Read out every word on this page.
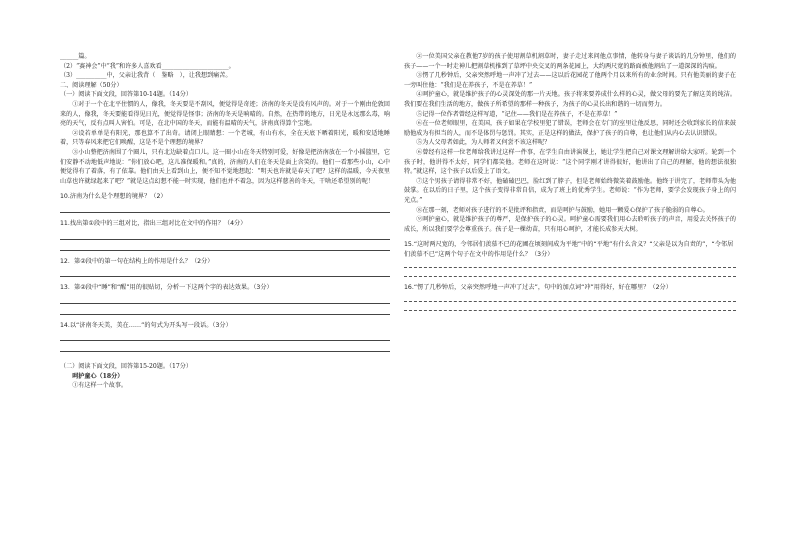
______篇。

（2）“赛神会”中“我”和许多人喜欢看______________________。

（3）__________中，父亲让我背（　鉴略　），让我想到痛苦。

二、阅读理解（50分）

（一）阅读下面文段，回答第10-14题。（14分）

①对于一个在北平住惯的人，像我，冬天要是不刮风，便觉得是奇迹；济南的冬天是没有风声的。对于一个刚由伦敦回来的人，像我，冬天要能看得见日光，便觉得是怪事；济南的冬天是响晴的。自然，在热带的地方，日光是永远那么毒，响亮的天气，反有点叫人害怕。可是，在北中国的冬天，而能有温晴的天气，济南真得算个宝地。

②设若单单是有阳光，那也算不了出奇。请闭上眼睛想：一个老城，有山有水，全在天底下晒着阳光，暖和安适地睡着，只等春风来把它们唤醒，这是不是个理想的境界？

③小山整把济南围了个圈儿，只有北边缺着点口儿。这一圈小山在冬天特别可爱，好像是把济南放在一个小摇篮里，它们安静不动地低声地说：“你们放心吧，这儿准保暖和。”真的，济南的人们在冬天是面上含笑的。他们一看那些小山，心中便觉得有了着落，有了依靠。他们由天上看到山上，便不知不觉地想起：“明天也许就是春天了吧？这样的温暖，今天夜里山草也许就绿起来了吧？”就是这点幻想不能一时实现，他们也并不着急，因为这样慈善的冬天，干啥还希望别的呢！

10.济南为什么是个理想的境界？（2）
11.找出第①段中的三组对比，指出三组对比在文中的作用？（4分）
12．第②段中的第一句在结构上的作用是什么？（2分）
13．第②段中“睡”和“醒”用的很贴切，分析一下这两个字的表达效果。（3分）
14.以“济南冬天美，美在……”的句式为开头写一段话。（3分）

（二）阅读下面文段，回答第15-20题。（17分）

呵护童心（18分）

①有这样一个故事。

②一位美国父亲在教他7岁的孩子使用割草机割草时，妻子走过来问他点事情，他转身与妻子谈话的几分钟里，他们的孩子——一个一时走神儿把割草机推到了草坪中央交叉的两条花园上，大约两尺宽的路面被他割出了一道深深的沟痕。

③愣了几秒钟后，父亲突然呼地一声冲了过去——这以后花园花了他两个月以来所有的业余时间。只有他美丽的妻子在一旁叫住他：“我们是在养孩子，不是在养草！”

④呵护童心，就是维护孩子的心灵深处的那一片天地。孩子将来要养成什么样的心灵，做父母的要先了解这美的纯洁。我们要在我们生活的地方，做孩子所希望的那样一种孩子，为孩子的心灵长出和谐的一切而努力。

⑤记得一位作者曾经这样写道，“记住——我们是在养孩子，不是在养草！”

⑥在一位老师眼里，在美国，孩子如果在学校里犯了错误，老师会在专门的室里让他反思，同时还会收到家长的信来鼓励他成为有担当的人，而不是体罚与惩罚。其实，正是这样的做法，保护了孩子的自尊，也让他们从内心去认识错误。

⑤为人父母者如此，为人师者又何尝不该这样呢？

⑥曾经有这样一位老师给我讲过这样一件事，在学生自由讲演课上，她让学生把自己对课文理解讲给大家听。轮到一个孩子时，他讲得不太好，同学们都笑他。老师在这时说：“这个同学刚才讲得很好，他讲出了自己的理解，他的想法很独特。”就这样，这个孩子以后爱上了语文。

⑦这个男孩子请得非常不好，他磕磕巴巴，脸红到了脖子，但是老师始终微笑着鼓励他。他终于讲完了，老师带头为他鼓掌。在以后的日子里，这个孩子变得非常自信，成为了班上的优秀学生。老师说：“作为老师，要学会发现孩子身上的闪光点。”

⑧在那一刻，老师对孩子进行的不是批评和指责，而是呵护与鼓励，她用一颗爱心保护了孩子脆弱的自尊心。

⑨呵护童心，就是维护孩子的尊严，是保护孩子的心灵。呵护童心需要我们用心去聆听孩子的声音，用爱去关怀孩子的成长，所以我们要学会尊重孩子。孩子是一棵幼苗，只有用心呵护，才能长成参天大树。

15.“这时两尺宽的，令邻居们羡慕不已的花圃在顷刻间成为平地”中的“平地”有什么含义？“父亲是以为自责的”，“令邻居们羡慕不已”这两个句子在文中的作用是什么？（3分）
16.“愣了几秒钟后，父亲突然呼地一声冲了过去”，句中的加点词“冲”用得好，好在哪里？（2分）
